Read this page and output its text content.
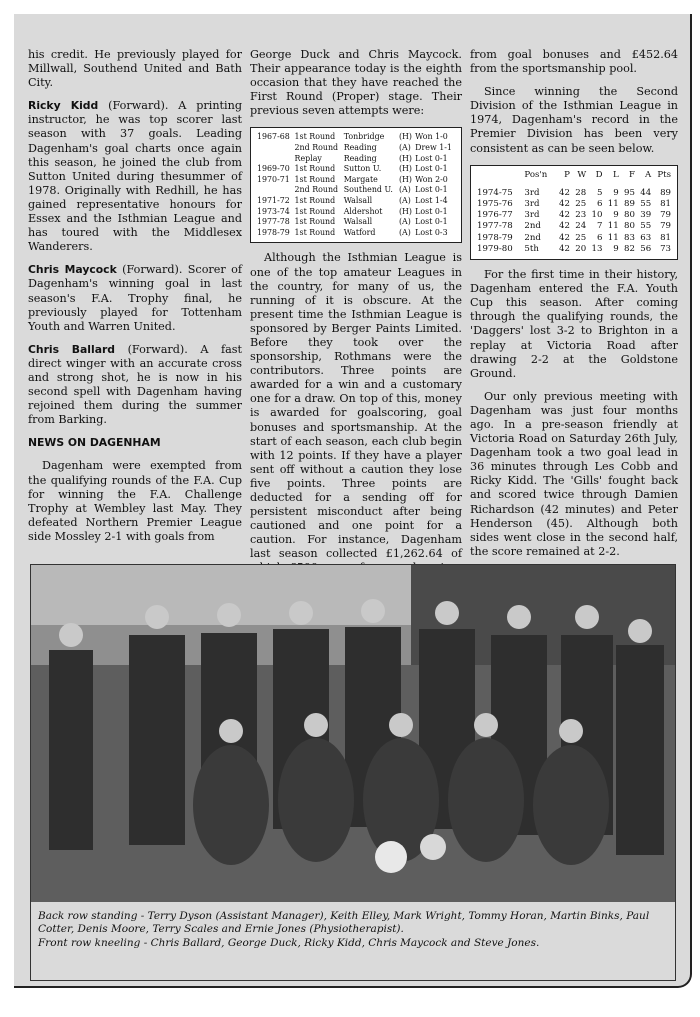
his credit. He previously played for Millwall, Southend United and Bath City.

Ricky Kidd (Forward). A printing instructor, he was top scorer last season with 37 goals. Leading Dagenham's goal charts once again this season, he joined the club from Sutton United during thesummer of 1978. Originally with Redhill, he has gained representative honours for Essex and the Isthmian League and has toured with the Middlesex Wanderers.

Chris Maycock (Forward). Scorer of Dagenham's winning goal in last season's F.A. Trophy final, he previously played for Tottenham Youth and Warren United.

Chris Ballard (Forward). A fast direct winger with an accurate cross and strong shot, he is now in his second spell with Dagenham having rejoined them during the summer from Barking.

NEWS ON DAGENHAM

Dagenham were exempted from the qualifying rounds of the F.A. Cup for winning the F.A. Challenge Trophy at Wembley last May. They defeated Northern Premier League side Mossley 2-1 with goals from

George Duck and Chris Maycock. Their appearance today is the eighth occasion that they have reached the First Round (Proper) stage. Their previous seven attempts were:

1967-68	1st Round	Tonbridge	(H)	Won 1-0
	2nd Round	Reading	(A)	Drew 1-1
	Replay	Reading	(H)	Lost 0-1
1969-70	1st Round	Sutton U.	(H)	Lost 0-1
1970-71	1st Round	Margate	(H)	Won 2-0
	2nd Round	Southend U.	(A)	Lost 0-1
1971-72	1st Round	Walsall	(A)	Lost 1-4
1973-74	1st Round	Aldershot	(H)	Lost 0-1
1977-78	1st Round	Walsall	(A)	Lost 0-1
1978-79	1st Round	Watford	(A)	Lost 0-3

Although the Isthmian League is one of the top amateur Leagues in the country, for many of us, the running of it is obscure. At the present time the Isthmian League is sponsored by Berger Paints Limited. Before they took over the sponsorship, Rothmans were the contributors. Three points are awarded for a win and a customary one for a draw. On top of this, money is awarded for goalscoring, goal bonuses and sportsmanship. At the start of each season, each club begin with 12 points. If they have a player sent off without a caution they lose five points. Three points are deducted for a sending off for persistent misconduct after being cautioned and one point for a caution. For instance, Dagenham last season collected £1,262.64 of

from goal bonuses and £452.64 from the sportsmanship pool.

Since winning the Second Division of the Isthmian League in 1974, Dagenham's record in the Premier Division has been very consistent as can be seen below.

	Pos'n	P	W	D	L	F	A	Pts
1974-75	3rd	42	28	5	9	95	44	89
1975-76	3rd	42	25	6	11	89	55	81
1976-77	3rd	42	23	10	9	80	39	79
1977-78	2nd	42	24	7	11	80	55	79
1978-79	2nd	42	25	6	11	83	63	81
1979-80	5th	42	20	13	9	82	56	73

For the first time in their history, Dagenham entered the F.A. Youth Cup this season. After coming through the qualifying rounds, the 'Daggers' lost 3-2 to Brighton in a replay at Victoria Road after drawing 2-2 at the Goldstone Ground.

Our only previous meeting with Dagenham was just four months ago. In a pre-season friendly at Victoria Road on Saturday 26th July, Dagenham took a two goal lead in 36 minutes through Les Cobb and Ricky Kidd. The 'Gills' fought back and scored twice through Damien Richardson (42 minutes) and Peter Henderson (45). Although both sides went close in the second half, the score remained at 2-2.

Back row standing - Terry Dyson (Assistant Manager), Keith Elley, Mark Wright, Tommy Horan, Martin Binks, Paul Cotter, Denis Moore, Terry Scales and Ernie Jones (Physiotherapist).

Front row kneeling - Chris Ballard, George Duck, Ricky Kidd, Chris Maycock and Steve Jones.
